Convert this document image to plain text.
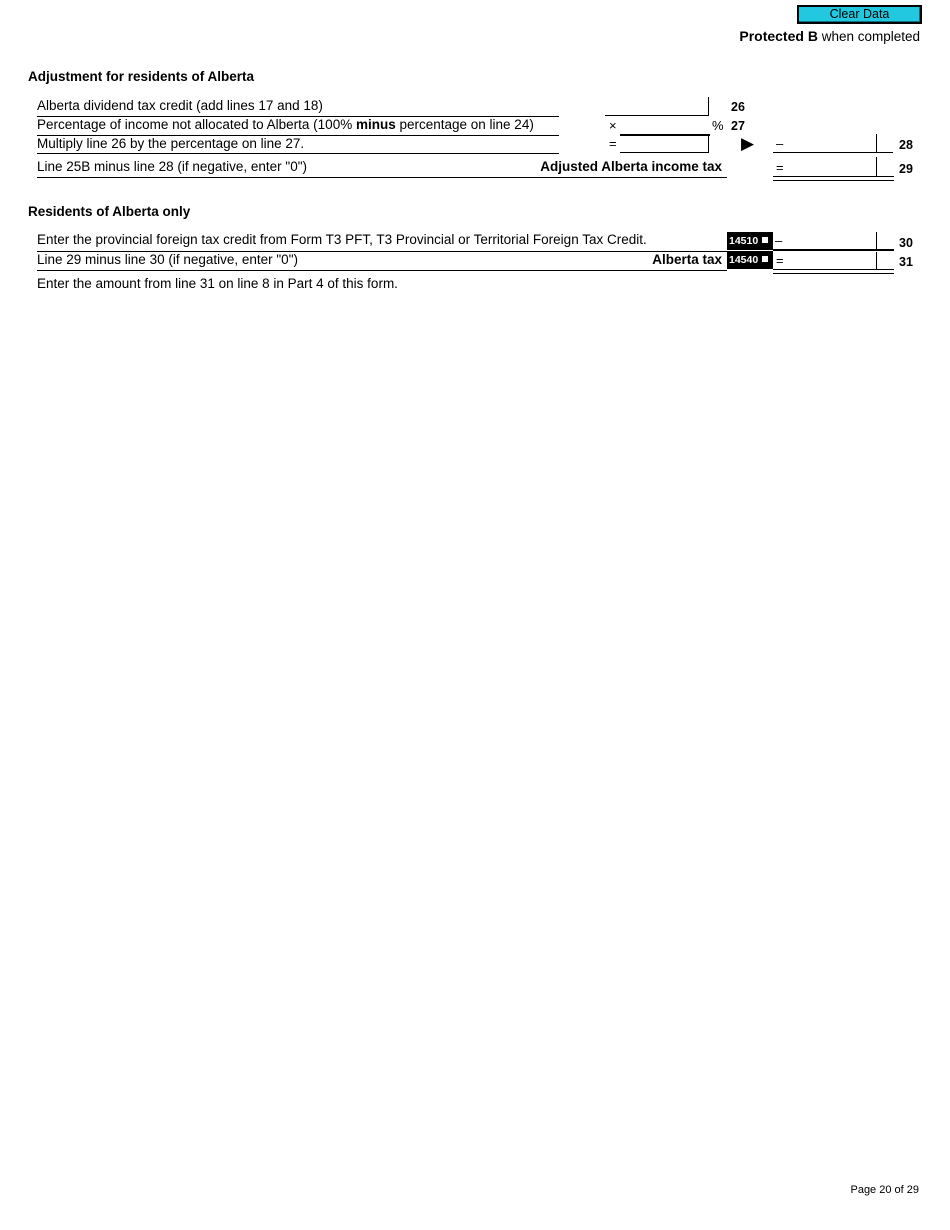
Clear Data
Protected B when completed
Adjustment for residents of Alberta
Alberta dividend tax credit (add lines 17 and 18)	26
Percentage of income not allocated to Alberta (100% minus percentage on line 24)	×	% 27
Multiply line 26 by the percentage on line 27.	=	▶ –	28
Line 25B minus line 28 (if negative, enter "0")	Adjusted Alberta income tax	=	29
Residents of Alberta only
Enter the provincial foreign tax credit from Form T3 PFT, T3 Provincial or Territorial Foreign Tax Credit.	14510	–	30
Line 29 minus line 30 (if negative, enter "0")	Alberta tax 14540	=	31
Enter the amount from line 31 on line 8 in Part 4 of this form.
Page 20 of 29
